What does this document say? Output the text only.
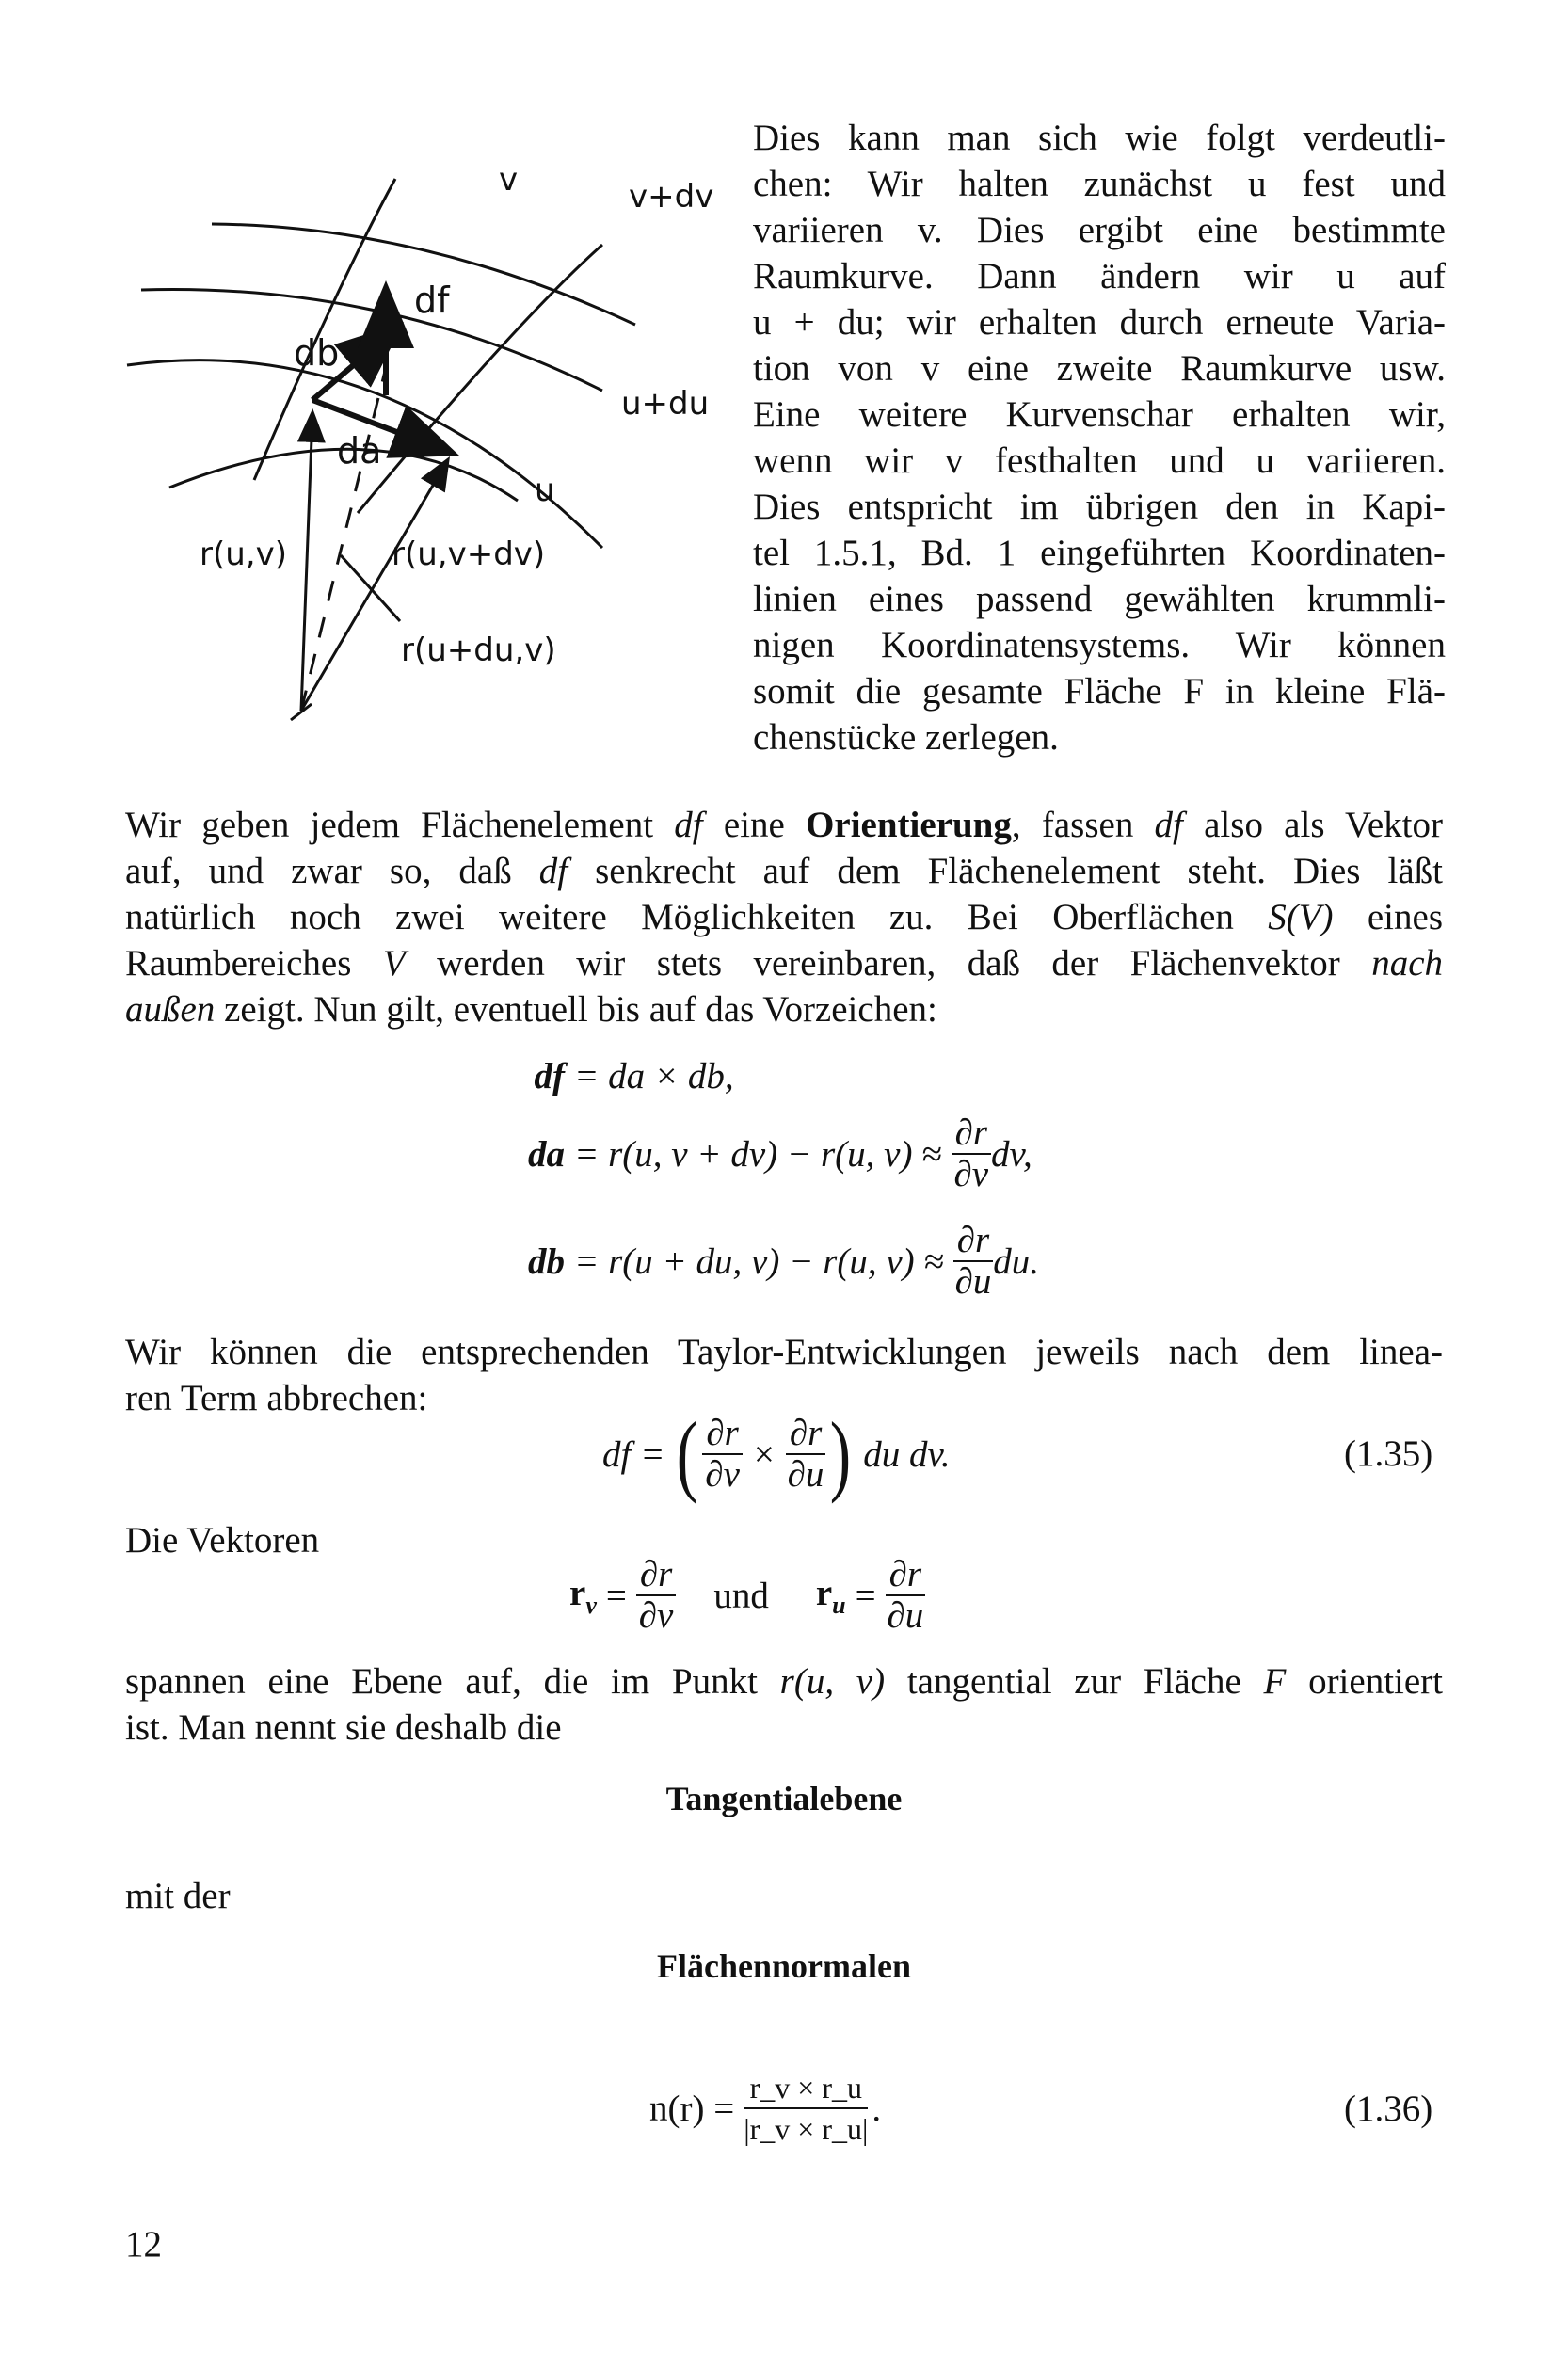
v	v+dv
df
db
u+du
da
u
r(u,v)	r(u,v+dv)
r(u+du,v)
Dies kann man sich wie folgt verdeutli-
chen: Wir halten zunächst u fest und
variieren v. Dies ergibt eine bestimmte
Raumkurve. Dann ändern wir u auf
u + du; wir erhalten durch erneute Varia-
tion von v eine zweite Raumkurve usw.
Eine weitere Kurvenschar erhalten wir,
wenn wir v festhalten und u variieren.
Dies entspricht im übrigen den in Kapi-
tel 1.5.1, Bd. 1 eingeführten Koordinaten-
linien eines passend gewählten krummli-
nigen Koordinatensystems. Wir können
somit die gesamte Fläche F in kleine Flä-
chenstücke zerlegen.
Wir geben jedem Flächenelement df eine Orientierung, fassen df also als Vektor
auf, und zwar so, daß df senkrecht auf dem Flächenelement steht. Dies läßt
natürlich noch zwei weitere Möglichkeiten zu. Bei Oberflächen S(V) eines
Raumbereiches V werden wir stets vereinbaren, daß der Flächenvektor nach
außen zeigt. Nun gilt, eventuell bis auf das Vorzeichen:
df = da × db,
da = r(u, v + dv) − r(u, $v) \approx \frac{\partial r}{\partial v}$ dv,
db = r(u + du, v) − r(u, $v) \approx \frac{\partial r}{\partial u}$ du.
Wir können die entsprechenden Taylor-Entwicklungen jeweils nach dem linea-
ren Term abbrechen:
df = ( $\frac{\partial r}{\partial v} \times \frac{\partial r}{\partial u}$ ) du dv.	(1.35)
Die Vektoren
$r_v = \frac{\partial r}{\partial v}$ und $r_u = \frac{\partial r}{\partial u}$
spannen eine Ebene auf, die im Punkt r(u, v) tangential zur Fläche F orientiert
ist. Man nennt sie deshalb die
Tangentialebene
mit der
Flächennormalen
$n(r) = \frac{r\_v \times r\_u}{|r\_v \times r\_u|}$ .	(1.36)
12
